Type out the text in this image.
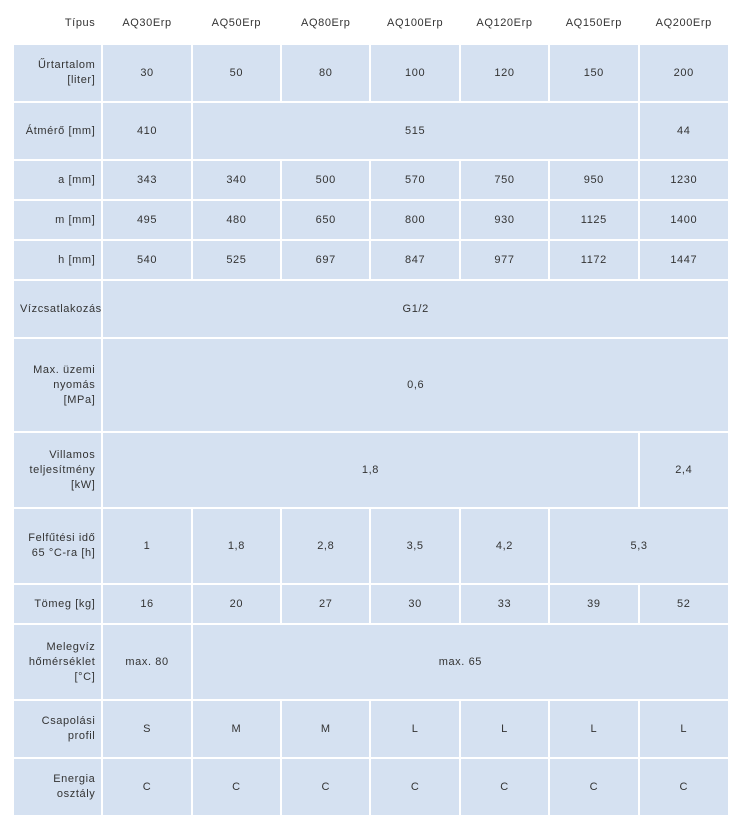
Típus	AQ30Erp	AQ50Erp	AQ80Erp	AQ100Erp	AQ120Erp	AQ150Erp	AQ200Erp
Űrtartalom [liter]	30	50	80	100	120	150	200
Átmérő [mm]	410	515					44
a [mm]	343	340	500	570	750	950	1230
m [mm]	495	480	650	800	930	1125	1400
h [mm]	540	525	697	847	977	1172	1447
Vízcsatlakozás	G1/2						
Max. üzemi nyomás [MPa]	0,6						
Villamos teljesítmény [kW]	1,8						2,4
Felfűtési idő 65 °C-ra [h]	1	1,8	2,8	3,5	4,2	5,3	
Tömeg [kg]	16	20	27	30	33	39	52
Melegvíz hőmérséklet [°C]	max. 80	max. 65					
Csapolási profil	S	M	M	L	L	L	L
Energia osztály	C	C	C	C	C	C	C
